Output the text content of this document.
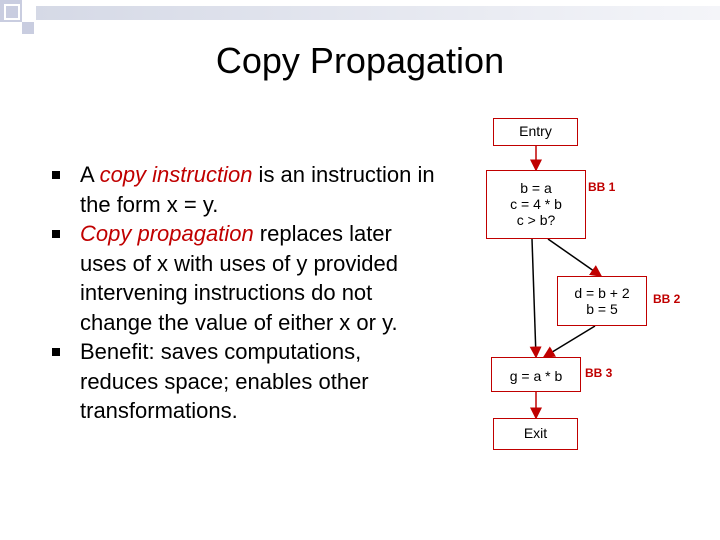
Copy Propagation
A copy instruction is an instruction in the form x = y.
Copy propagation replaces later uses of x with uses of y provided intervening instructions do not change the value of either x or y.
Benefit: saves computations, reduces space; enables other transformations.
Entry
b = a
c = 4 * b
c > b?
BB 1
d = b + 2
b = 5
BB 2
g = a * b	BB 3
Exit
